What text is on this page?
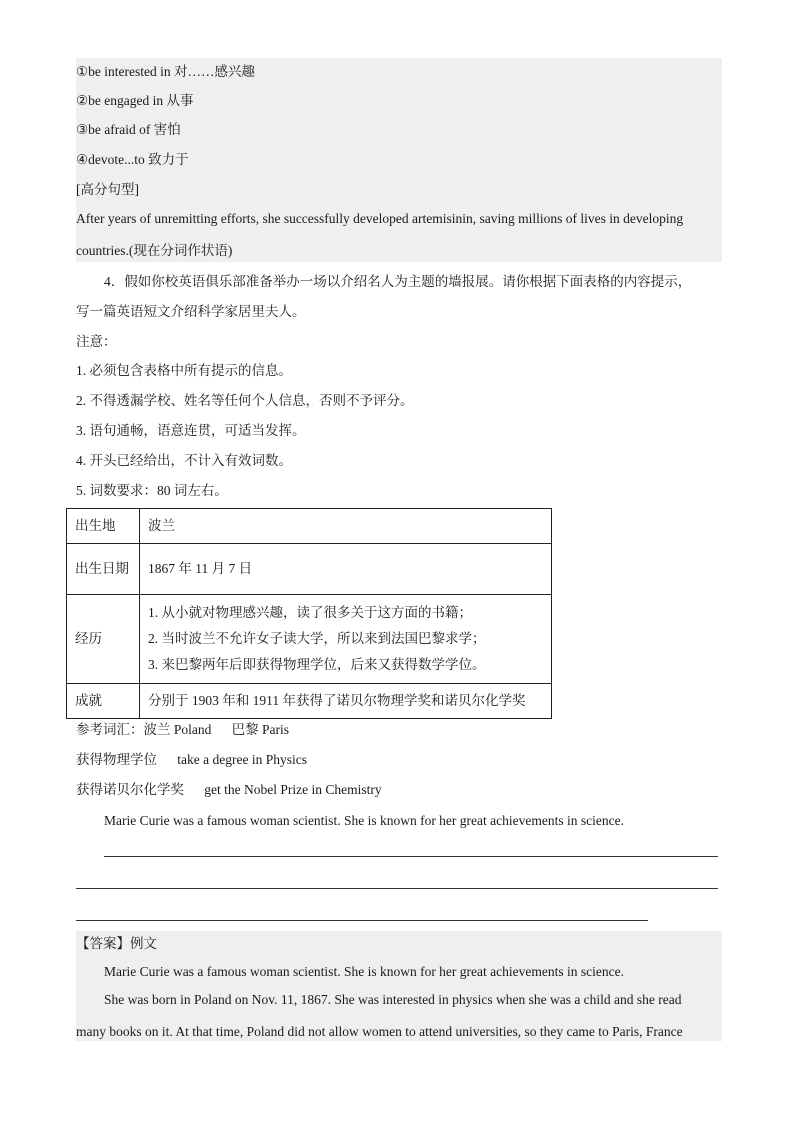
①be interested in 对……感兴趣
②be engaged in 从事
③be afraid of 害怕
④devote...to 致力于
[高分句型]
After years of unremitting efforts, she successfully developed artemisinin, saving millions of lives in developing
countries.(现在分词作状语)
4．假如你校英语俱乐部准备举办一场以介绍名人为主题的墙报展。请你根据下面表格的内容提示，
写一篇英语短文介绍科学家居里夫人。
注意：
1. 必须包含表格中所有提示的信息。
2. 不得透漏学校、姓名等任何个人信息，否则不予评分。
3. 语句通畅，语意连贯，可适当发挥。
4. 开头已经给出，不计入有效词数。
5. 词数要求：80 词左右。
出生地	波兰
出生日期	1867 年 11 月 7 日
经历	1. 从小就对物理感兴趣，读了很多关于这方面的书籍；
2. 当时波兰不允许女子读大学，所以来到法国巴黎求学；
3. 来巴黎两年后即获得物理学位，后来又获得数学学位。

成就	分别于 1903 年和 1911 年获得了诺贝尔物理学奖和诺贝尔化学奖
参考词汇：波兰 Poland      巴黎 Paris
获得物理学位      take a degree in Physics
获得诺贝尔化学奖      get the Nobel Prize in Chemistry
Marie Curie was a famous woman scientist. She is known for her great achievements in science.
【答案】例文
Marie Curie was a famous woman scientist. She is known for her great achievements in science.
She was born in Poland on Nov. 11, 1867. She was interested in physics when she was a child and she read
many books on it. At that time, Poland did not allow women to attend universities, so they came to Paris, France
